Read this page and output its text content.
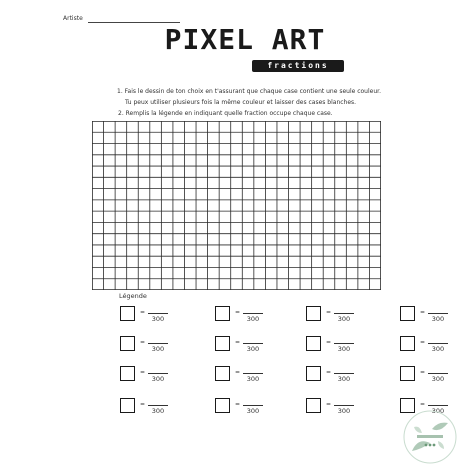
Artiste
PIXEL ART
fractions
1. Fais le dessin de ton choix en t'assurant que chaque case contient une seule couleur.
Tu peux utiliser plusieurs fois la même couleur et laisser des cases blanches.
2. Remplis la légende en indiquant quelle fraction occupe chaque case.
Légende
=
300
=
300
=
300
=
300
=
300
=
300
=
300
=
300
=
300
=
300
=
300
=
300
=
300
=
300
=
300
=
300
